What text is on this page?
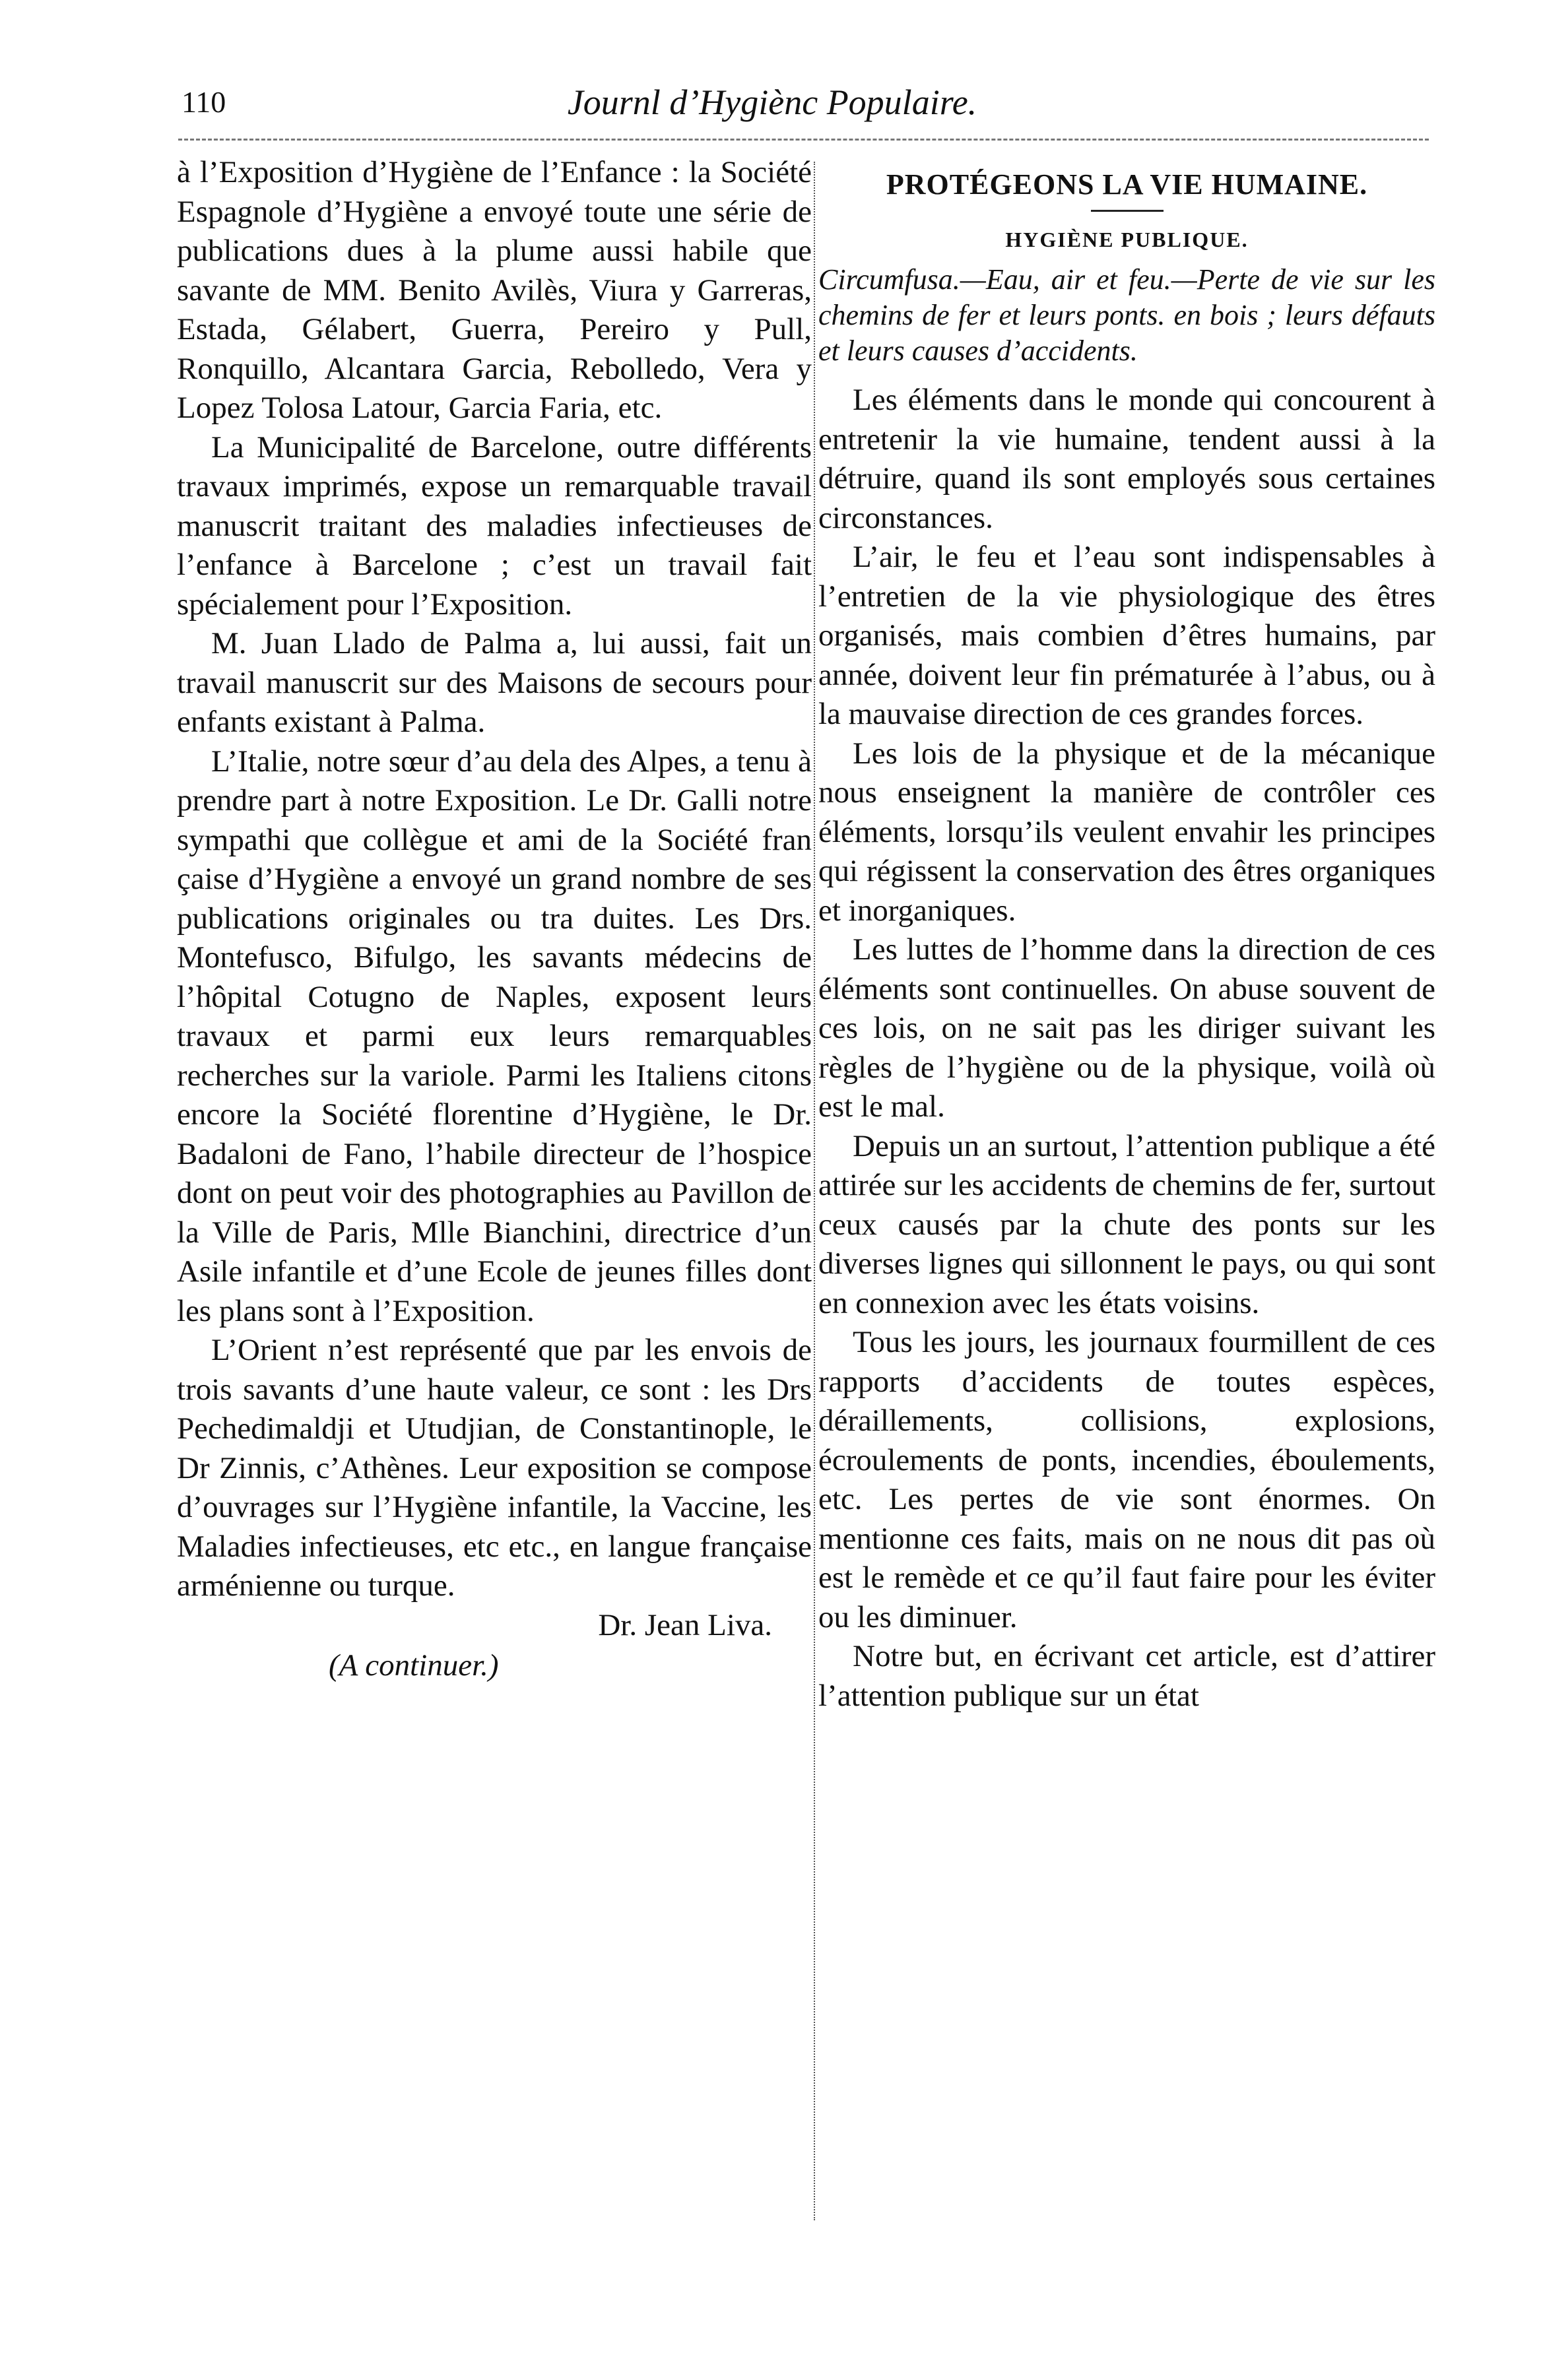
110	Journl d’Hygiènc Populaire.

à l’Exposition d’Hygiène de l’Enfance : la Société Espagnole d’Hygiène a envoyé toute une série de publications dues à la plume aussi habile que savante de MM. Benito Avilès, Viura y Garreras, Estada, Gélabert, Guerra, Pereiro y Pull, Ronquillo, Alcantara Garcia, Rebolledo, Vera y Lopez Tolosa Latour, Garcia Faria, etc.

La Municipalité de Barcelone, outre différents travaux imprimés, expose un remarquable travail manuscrit traitant des maladies infectieuses de l’enfance à Barcelone ; c’est un travail fait spécialement pour l’Exposition.

M. Juan Llado de Palma a, lui aussi, fait un travail manuscrit sur des Maisons de secours pour enfants existant à Palma.

L’Italie, notre sœur d’au dela des Alpes, a tenu à prendre part à notre Exposition. Le Dr. Galli notre sympathi que collègue et ami de la Société fran çaise d’Hygiène a envoyé un grand nombre de ses publications originales ou tra duites. Les Drs. Montefusco, Bifulgo, les savants médecins de l’hôpital Cotugno de Naples, exposent leurs travaux et parmi eux leurs remarquables recherches sur la variole. Parmi les Italiens citons encore la Société florentine d’Hygiène, le Dr. Badaloni de Fano, l’habile directeur de l’hospice dont on peut voir des photographies au Pavillon de la Ville de Paris, Mlle Bianchini, directrice d’un Asile infantile et d’une Ecole de jeunes filles dont les plans sont à l’Exposition.

L’Orient n’est représenté que par les envois de trois savants d’une haute valeur, ce sont : les Drs Pechedimaldji et Utudjian, de Constantinople, le Dr Zinnis, c’Athènes. Leur exposition se compose d’ouvrages sur l’Hygiène infantile, la Vaccine, les Maladies infectieuses, etc etc., en langue française arménienne ou turque.

Dr. Jean Liva.

(A continuer.)

PROTÉGEONS LA VIE HUMAINE.
HYGIÈNE PUBLIQUE.

Circumfusa.—Eau, air et feu.—Perte de vie sur les chemins de fer et leurs ponts. en bois ; leurs défauts et leurs causes d’accidents.

Les éléments dans le monde qui concourent à entretenir la vie humaine, tendent aussi à la détruire, quand ils sont employés sous certaines circonstances.

L’air, le feu et l’eau sont indispensables à l’entretien de la vie physiologique des êtres organisés, mais combien d’êtres humains, par année, doivent leur fin prématurée à l’abus, ou à la mauvaise direction de ces grandes forces.

Les lois de la physique et de la mécanique nous enseignent la manière de contrôler ces éléments, lorsqu’ils veulent envahir les principes qui régissent la conservation des êtres organiques et inorganiques.

Les luttes de l’homme dans la direction de ces éléments sont continuelles. On abuse souvent de ces lois, on ne sait pas les diriger suivant les règles de l’hygiène ou de la physique, voilà où est le mal.

Depuis un an surtout, l’attention publique a été attirée sur les accidents de chemins de fer, surtout ceux causés par la chute des ponts sur les diverses lignes qui sillonnent le pays, ou qui sont en connexion avec les états voisins.

Tous les jours, les journaux fourmillent de ces rapports d’accidents de toutes espèces, déraillements, collisions, explosions, écroulements de ponts, incendies, éboulements, etc. Les pertes de vie sont énormes. On mentionne ces faits, mais on ne nous dit pas où est le remède et ce qu’il faut faire pour les éviter ou les diminuer.

Notre but, en écrivant cet article, est d’attirer l’attention publique sur un état
